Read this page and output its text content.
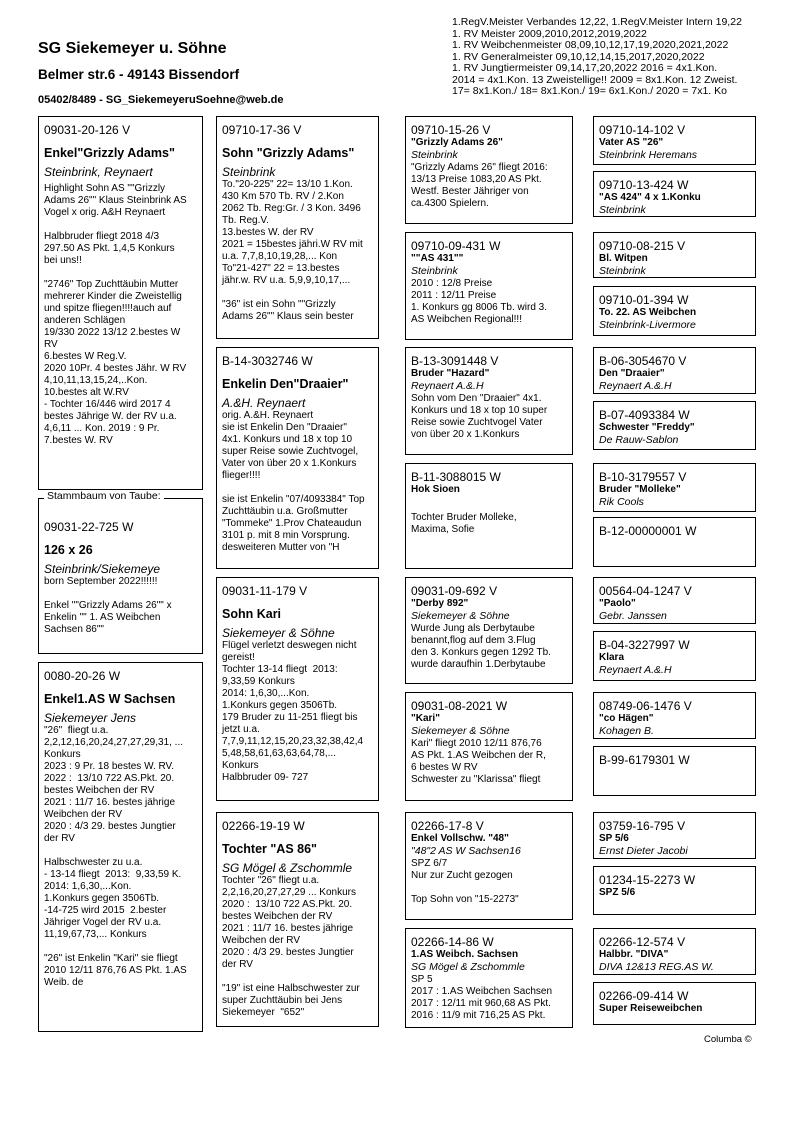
SG Siekemeyer u. Söhne
Belmer str.6 - 49143 Bissendorf
05402/8489 - SG_SiekemeyeruSoehne@web.de
1.RegV.Meister Verbandes 12,22, 1.RegV.Meister Intern 19,22
1. RV Meister 2009,2010,2012,2019,2022
1. RV Weibchenmeister 08,09,10,12,17,19,2020,2021,2022
1. RV Generalmeister 09,10,12,14,15,2017,2020,2022
1. RV Jungtiermeister 09,14,17,20,2022 2016 = 4x1.Kon.
2014 = 4x1.Kon. 13 Zweistellige!! 2009 = 8x1.Kon. 12 Zweist.
17= 8x1.Kon./ 18= 8x1.Kon./ 19= 6x1.Kon./ 2020 = 7x1. Ko
09031-20-126 V
Enkel"Grizzly Adams"
Steinbrink, Reynaert
Highlight Sohn AS ""Grizzly
Adams 26"" Klaus Steinbrink AS
Vogel x orig. A&H Reynaert

Halbbruder fliegt 2018 4/3
297.50 AS Pkt. 1,4,5 Konkurs
bei uns!!

"2746" Top Zuchttäubin Mutter
mehrerer Kinder die Zweistellig
und spitze fliegen!!!!auch auf
anderen Schlägen
19/330 2022 13/12 2.bestes W
RV
6.bestes W Reg.V.
2020 10Pr. 4 bestes Jähr. W RV
4,10,11,13,15,24,..Kon.
10.bestes alt W.RV
- Tochter 16/446 wird 2017 4
bestes Jährige W. der RV u.a.
4,6,11 ... Kon. 2019 : 9 Pr.
7.bestes W. RV
09031-22-725 W
126 x 26
Steinbrink/Siekemeye
born September 2022!!!!!!

Enkel ""Grizzly Adams 26"" x
Enkelin "" 1. AS Weibchen
Sachsen 86""
Stammbaum von Taube:
0080-20-26 W
Enkel1.AS W Sachsen
Siekemeyer Jens
"26"  fliegt u.a.
2,2,12,16,20,24,27,27,29,31, ...
Konkurs
2023 : 9 Pr. 18 bestes W. RV.
2022 :  13/10 722 AS.Pkt. 20.
bestes Weibchen der RV
2021 : 11/7 16. bestes jährige
Weibchen der RV
2020 : 4/3 29. bestes Jungtier
der RV

Halbschwester zu u.a.
- 13-14 fliegt  2013:  9,33,59 K.
2014: 1,6,30,...Kon.
1.Konkurs gegen 3506Tb.
-14-725 wird 2015  2.bester
Jähriger Vogel der RV u.a.
11,19,67,73,... Konkurs

"26" ist Enkelin "Kari" sie fliegt
2010 12/11 876,76 AS Pkt. 1.AS
Weib. de
09710-17-36 V
Sohn "Grizzly Adams"
Steinbrink
To."20-225" 22= 13/10 1.Kon.
430 Km 570 Tb. RV / 2.Kon
2062 Tb. Reg:Gr. / 3 Kon. 3496
Tb. Reg.V.
13.bestes W. der RV
2021 = 15bestes jähri.W RV mit
u.a. 7,7,8,10,19,28,... Kon
To"21-427" 22 = 13.bestes
jähr.w. RV u.a. 5,9,9,10,17,...

"36" ist ein Sohn ""Grizzly
Adams 26"" Klaus sein bester
B-14-3032746 W
Enkelin Den"Draaier"
A.&H. Reynaert
orig. A.&H. Reynaert
sie ist Enkelin Den "Draaier"
4x1. Konkurs und 18 x top 10
super Reise sowie Zuchtvogel,
Vater von über 20 x 1.Konkurs
flieger!!!!

sie ist Enkelin "07/4093384" Top
Zuchttäubin u.a. Großmutter
"Tommeke" 1.Prov Chateaudun
3101 p. mit 8 min Vorsprung.
desweiteren Mutter von "H
09031-11-179 V
Sohn Kari
Siekemeyer & Söhne
Flügel verletzt deswegen nicht
gereist!
Tochter 13-14 fliegt  2013:
9,33,59 Konkurs
2014: 1,6,30,...Kon.
1.Konkurs gegen 3506Tb.
179 Bruder zu 11-251 fliegt bis
jetzt u.a.
7,7,9,11,12,15,20,23,32,38,42,4
5,48,58,61,63,63,64,78,...
Konkurs
Halbbruder 09- 727
02266-19-19 W
Tochter "AS 86"
SG Mögel & Zschommle
Tochter "26" fliegt u.a.
2,2,16,20,27,27,29 ... Konkurs
2020 :  13/10 722 AS.Pkt. 20.
bestes Weibchen der RV
2021 : 11/7 16. bestes jährige
Weibchen der RV
2020 : 4/3 29. bestes Jungtier
der RV

"19" ist eine Halbschwester zur
super Zuchttäubin bei Jens
Siekemeyer  "652"
09710-15-26 V
"Grizzly Adams 26"
Steinbrink
"Grizzly Adams 26" fliegt 2016:
13/13 Preise 1083,20 AS Pkt.
Westf. Bester Jähriger von
ca.4300 Spielern.
09710-09-431 W
""AS 431""
Steinbrink
2010 : 12/8 Preise
2011 : 12/11 Preise
1. Konkurs gg 8006 Tb. wird 3.
AS Weibchen Regional!!!
B-13-3091448 V
Bruder "Hazard"
Reynaert A.&.H
Sohn vom Den "Draaier" 4x1.
Konkurs und 18 x top 10 super
Reise sowie Zuchtvogel Vater
von über 20 x 1.Konkurs
B-11-3088015 W
Hok Sioen
Tochter Bruder Molleke,
Maxima, Sofie
09031-09-692 V
"Derby 892"
Siekemeyer & Söhne
Wurde Jung als Derbytaube
benannt,flog auf dem 3.Flug
den 3. Konkurs gegen 1292 Tb.
wurde daraufhin 1.Derbytaube
09031-08-2021 W
"Kari"
Siekemeyer & Söhne
Kari" fliegt 2010 12/11 876,76
AS Pkt. 1.AS Weibchen der R,
6 bestes W RV
Schwester zu "Klarissa" fliegt
02266-17-8 V
Enkel Vollschw. "48"
"48"2 AS W Sachsen16
SPZ 6/7
Nur zur Zucht gezogen

Top Sohn von "15-2273"
02266-14-86 W
1.AS Weibch. Sachsen
SG Mögel & Zschommle
SP 5
2017 : 1.AS Weibchen Sachsen
2017 : 12/11 mit 960,68 AS Pkt.
2016 : 11/9 mit 716,25 AS Pkt.
09710-14-102 V
Vater AS "26"
Steinbrink Heremans
09710-13-424 W
"AS 424" 4 x 1.Konku
Steinbrink
09710-08-215 V
Bl. Witpen
Steinbrink
09710-01-394 W
To. 22. AS Weibchen
Steinbrink-Livermore
B-06-3054670 V
Den "Draaier"
Reynaert A.&.H
B-07-4093384 W
Schwester "Freddy"
De Rauw-Sablon
B-10-3179557 V
Bruder "Molleke"
Rik Cools
B-12-00000001 W
00564-04-1247 V
"Paolo"
Gebr. Janssen
B-04-3227997 W
Klara
Reynaert A.&.H
08749-06-1476 V
"co Hägen"
Kohagen B.
B-99-6179301 W
03759-16-795 V
SP 5/6
Ernst Dieter Jacobi
01234-15-2273 W
SPZ 5/6
02266-12-574 V
Halbbr. "DIVA"
DIVA 12&13 REG.AS W.
02266-09-414 W
Super Reiseweibchen
Columba ©
